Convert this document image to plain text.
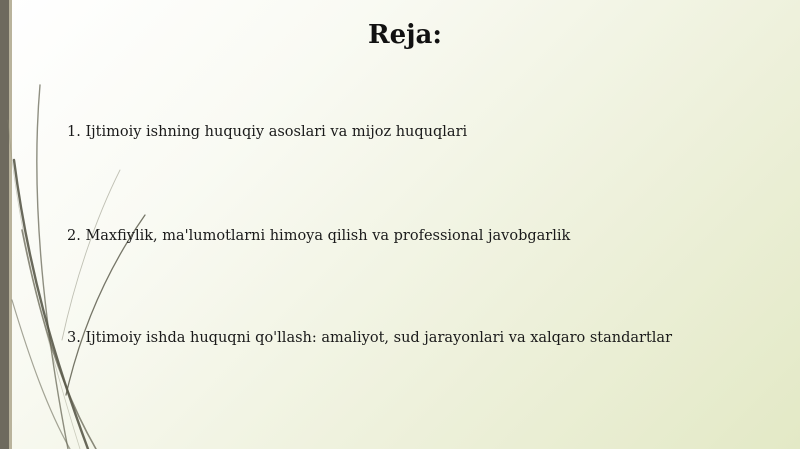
Reja:

1. Ijtimoiy ishning huquqiy asoslari va mijoz huquqlari

2. Maxfiylik, ma'lumotlarni himoya qilish va professional javobgarlik

3. Ijtimoiy ishda huquqni qo'llash: amaliyot, sud jarayonlari va xalqaro standartlar
